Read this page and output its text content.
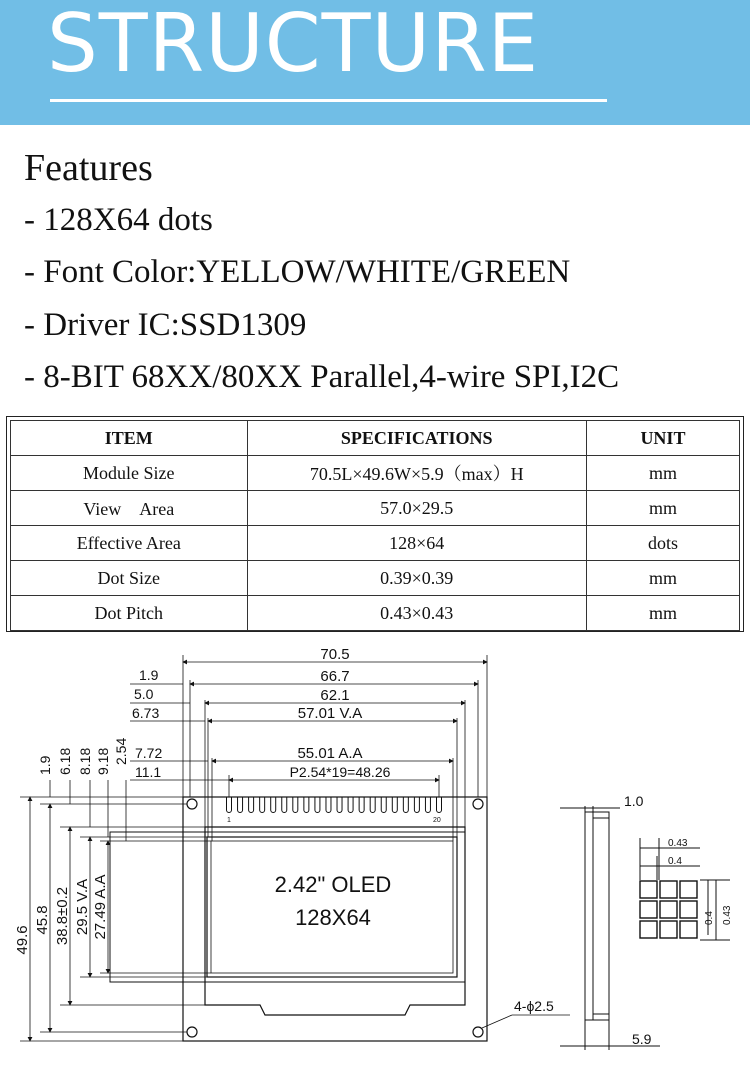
STRUCTURE
Features
- 128X64 dots
- Font Color:YELLOW/WHITE/GREEN
- Driver IC:SSD1309
- 8-BIT 68XX/80XX Parallel,4-wire SPI,I2C
ITEM	SPECIFICATIONS	UNIT
Module Size	70.5L×49.6W×5.9（max）H	mm
View　Area	57.0×29.5	mm
Effective Area	128×64	dots
Dot Size	0.39×0.39	mm
Dot Pitch	0.43×0.43	mm
1	20
2.42" OLED
128X64
70.5
66.7
62.1
57.01 V.A
55.01 A.A
P2.54*19=48.26
1.9
5.0
6.73
7.72
11.1
1.9 6.18 8.18 9.18 2.54
49.6
45.8 38.8±0.2 29.5 V.A 27.49 A.A
4-ϕ2.5
1.0
5.9
0.43
0.4
0.4 0.43
